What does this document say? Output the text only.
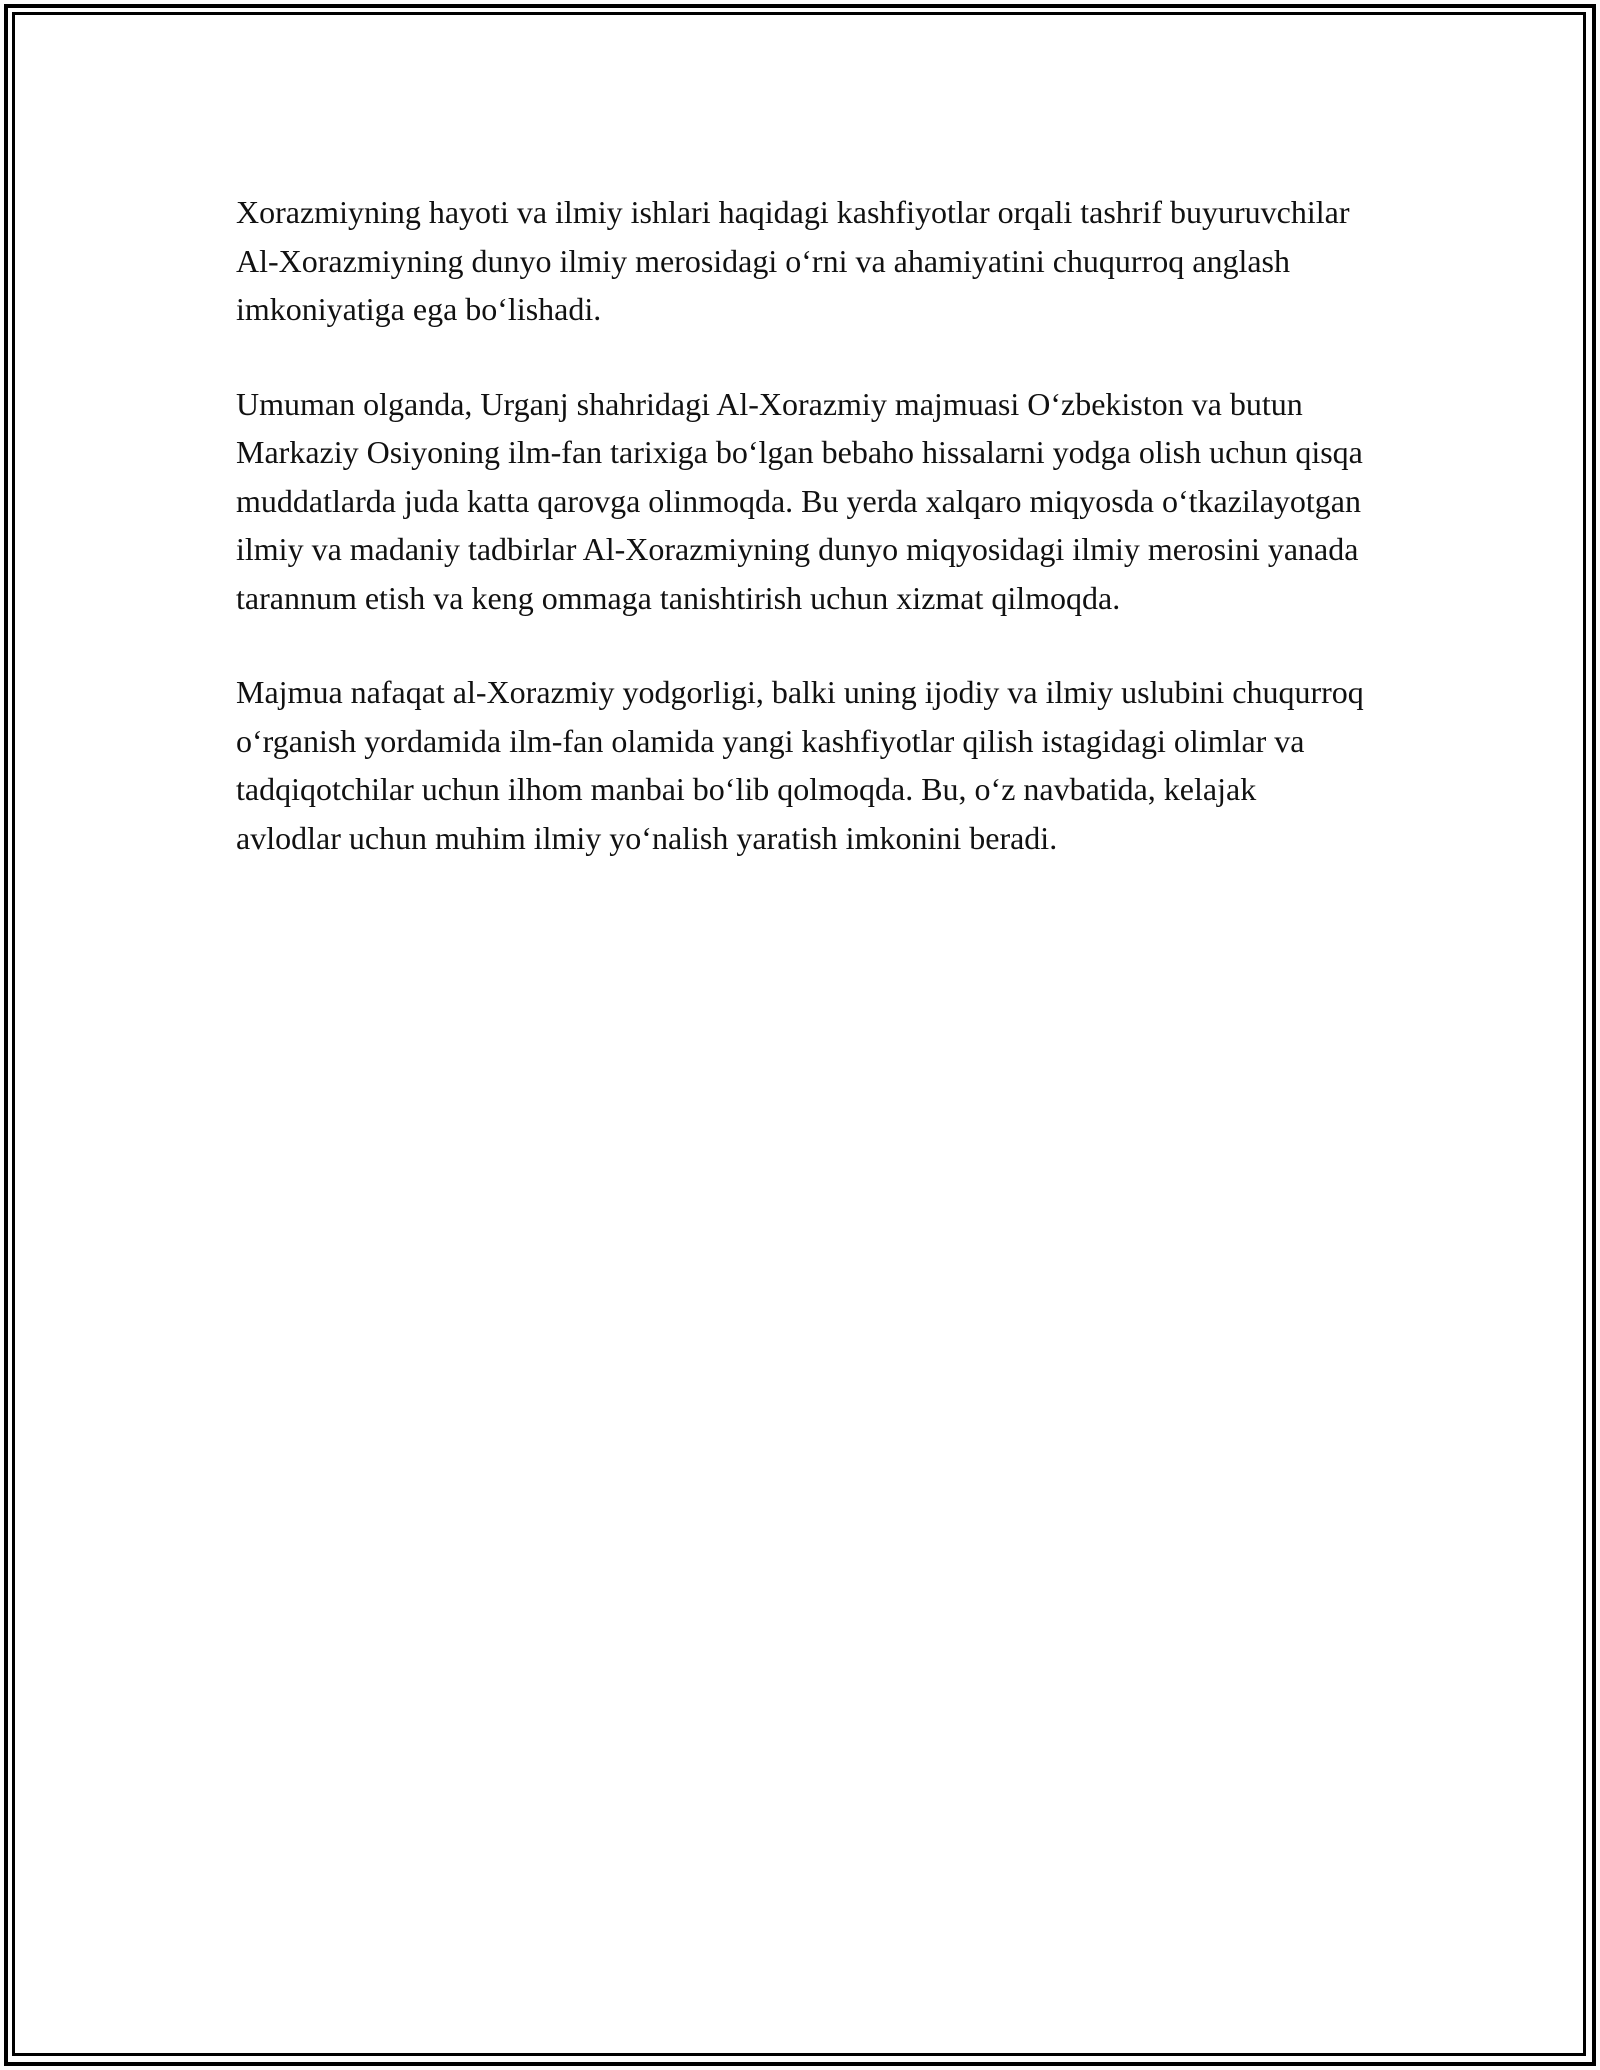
Xorazmiyning hayoti va ilmiy ishlari haqidagi kashfiyotlar orqali tashrif buyuruvchilar Al-Xorazmiyning dunyo ilmiy merosidagi o‘rni va ahamiyatini chuqurroq anglash imkoniyatiga ega bo‘lishadi.

Umuman olganda, Urganj shahridagi Al-Xorazmiy majmuasi O‘zbekiston va butun Markaziy Osiyoning ilm-fan tarixiga bo‘lgan bebaho hissalarni yodga olish uchun qisqa muddatlarda juda katta qarovga olinmoqda. Bu yerda xalqaro miqyosda o‘tkazilayotgan ilmiy va madaniy tadbirlar Al-Xorazmiyning dunyo miqyosidagi ilmiy merosini yanada tarannum etish va keng ommaga tanishtirish uchun xizmat qilmoqda.

Majmua nafaqat al-Xorazmiy yodgorligi, balki uning ijodiy va ilmiy uslubini chuqurroq o‘rganish yordamida ilm-fan olamida yangi kashfiyotlar qilish istagidagi olimlar va tadqiqotchilar uchun ilhom manbai bo‘lib qolmoqda. Bu, o‘z navbatida, kelajak avlodlar uchun muhim ilmiy yo‘nalish yaratish imkonini beradi.
